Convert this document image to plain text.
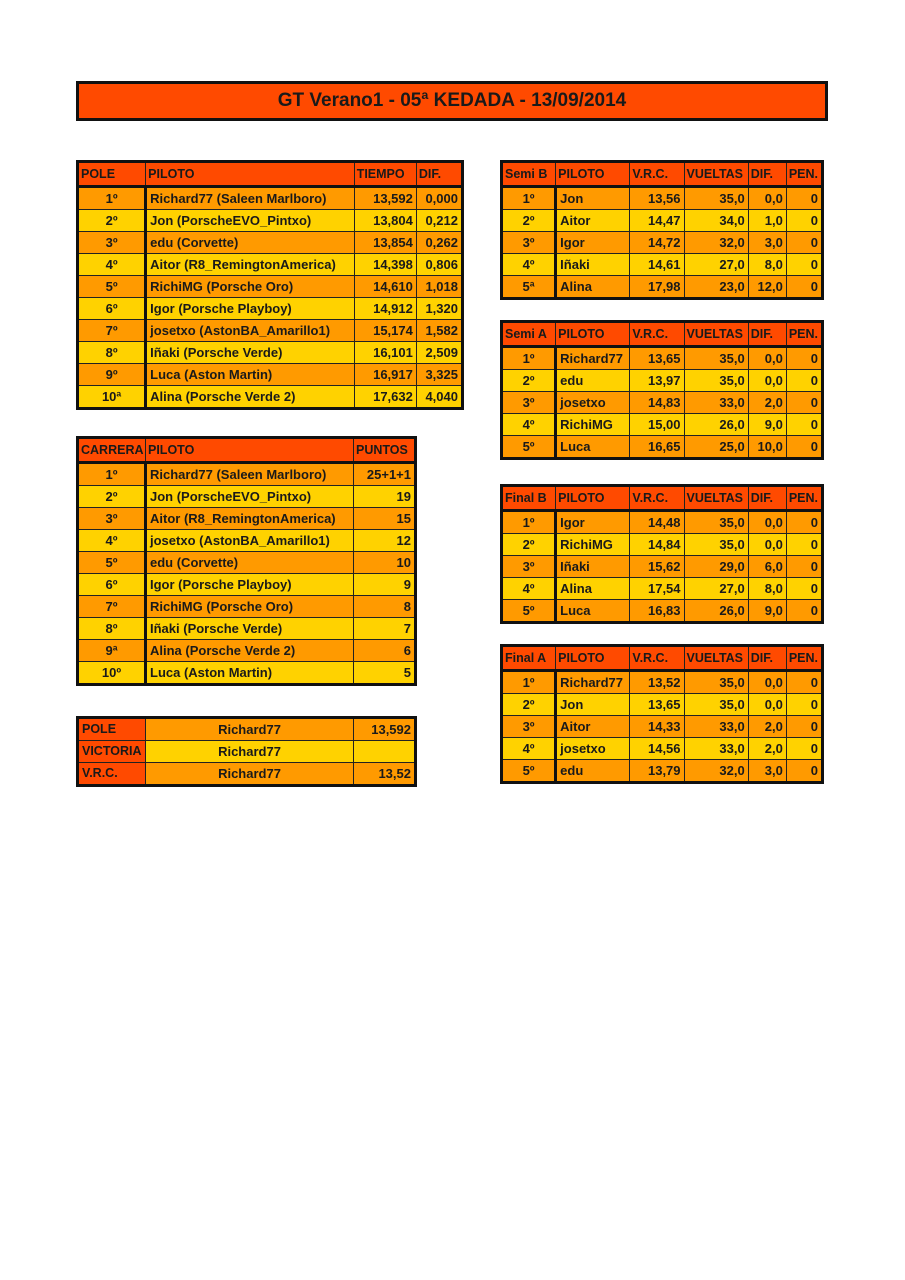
GT Verano1 - 05ª KEDADA - 13/09/2014
POLE	PILOTO	TIEMPO	DIF.
1º	Richard77 (Saleen Marlboro)	13,592	0,000
2º	Jon (PorscheEVO_Pintxo)	13,804	0,212
3º	edu (Corvette)	13,854	0,262
4º	Aitor (R8_RemingtonAmerica)	14,398	0,806
5º	RichiMG (Porsche Oro)	14,610	1,018
6º	Igor (Porsche Playboy)	14,912	1,320
7º	josetxo (AstonBA_Amarillo1)	15,174	1,582
8º	Iñaki (Porsche Verde)	16,101	2,509
9º	Luca (Aston Martin)	16,917	3,325
10ª	Alina (Porsche Verde 2)	17,632	4,040
CARRERA	PILOTO	PUNTOS
1º	Richard77 (Saleen Marlboro)	25+1+1
2º	Jon (PorscheEVO_Pintxo)	19
3º	Aitor (R8_RemingtonAmerica)	15
4º	josetxo (AstonBA_Amarillo1)	12
5º	edu (Corvette)	10
6º	Igor (Porsche Playboy)	9
7º	RichiMG (Porsche Oro)	8
8º	Iñaki (Porsche Verde)	7
9ª	Alina (Porsche Verde 2)	6
10º	Luca (Aston Martin)	5
POLE	Richard77	13,592
VICTORIA	Richard77	
V.R.C.	Richard77	13,52
Semi B	PILOTO	V.R.C.	VUELTAS	DIF.	PEN.
1º	Jon	13,56	35,0	0,0	0
2º	Aitor	14,47	34,0	1,0	0
3º	Igor	14,72	32,0	3,0	0
4º	Iñaki	14,61	27,0	8,0	0
5ª	Alina	17,98	23,0	12,0	0
Semi A	PILOTO	V.R.C.	VUELTAS	DIF.	PEN.
1º	Richard77	13,65	35,0	0,0	0
2º	edu	13,97	35,0	0,0	0
3º	josetxo	14,83	33,0	2,0	0
4º	RichiMG	15,00	26,0	9,0	0
5º	Luca	16,65	25,0	10,0	0
Final B	PILOTO	V.R.C.	VUELTAS	DIF.	PEN.
1º	Igor	14,48	35,0	0,0	0
2º	RichiMG	14,84	35,0	0,0	0
3º	Iñaki	15,62	29,0	6,0	0
4º	Alina	17,54	27,0	8,0	0
5º	Luca	16,83	26,0	9,0	0
Final A	PILOTO	V.R.C.	VUELTAS	DIF.	PEN.
1º	Richard77	13,52	35,0	0,0	0
2º	Jon	13,65	35,0	0,0	0
3º	Aitor	14,33	33,0	2,0	0
4º	josetxo	14,56	33,0	2,0	0
5º	edu	13,79	32,0	3,0	0
